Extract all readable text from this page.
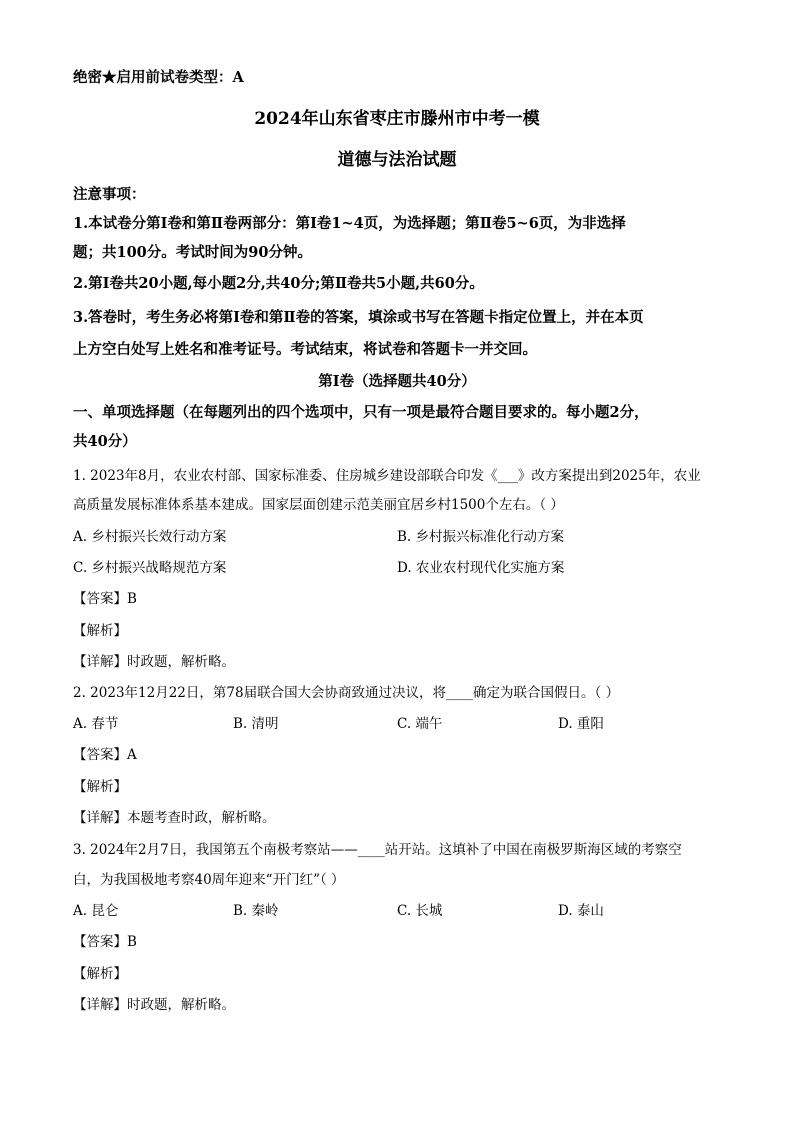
绝密★启用前试卷类型：A
2024年山东省枣庄市滕州市中考一模
道德与法治试题
注意事项：
1.本试卷分第Ⅰ卷和第Ⅱ卷两部分：第Ⅰ卷1~4页，为选择题；第Ⅱ卷5~6页，为非选择
题；共100分。考试时间为90分钟。
2.第Ⅰ卷共20小题,每小题2分,共40分;第Ⅱ卷共5小题,共60分。
3.答卷时，考生务必将第Ⅰ卷和第Ⅱ卷的答案，填涂或书写在答题卡指定位置上，并在本页
上方空白处写上姓名和准考证号。考试结束，将试卷和答题卡一并交回。
第Ⅰ卷（选择题共40分）
一、单项选择题（在每题列出的四个选项中，只有一项是最符合题目要求的。每小题2分，
共40分）
1. 2023年8月，农业农村部、国家标准委、住房城乡建设部联合印发《___》改方案提出到2025年，农业
高质量发展标准体系基本建成。国家层面创建示范美丽宜居乡村1500个左右。（ ）
A. 乡村振兴长效行动方案	B. 乡村振兴标准化行动方案
C. 乡村振兴战略规范方案	D. 农业农村现代化实施方案
【答案】B
【解析】
【详解】时政题，解析略。
2. 2023年12月22日，第78届联合国大会协商致通过决议，将____确定为联合国假日。（ ）
A. 春节	B. 清明	C. 端午	D. 重阳
【答案】A
【解析】
【详解】本题考查时政，解析略。
3. 2024年2月7日，我国第五个南极考察站——____站开站。这填补了中国在南极罗斯海区域的考察空
白，为我国极地考察40周年迎来“开门红”（ ）
A. 昆仑	B. 秦岭	C. 长城	D. 泰山
【答案】B
【解析】
【详解】时政题，解析略。
